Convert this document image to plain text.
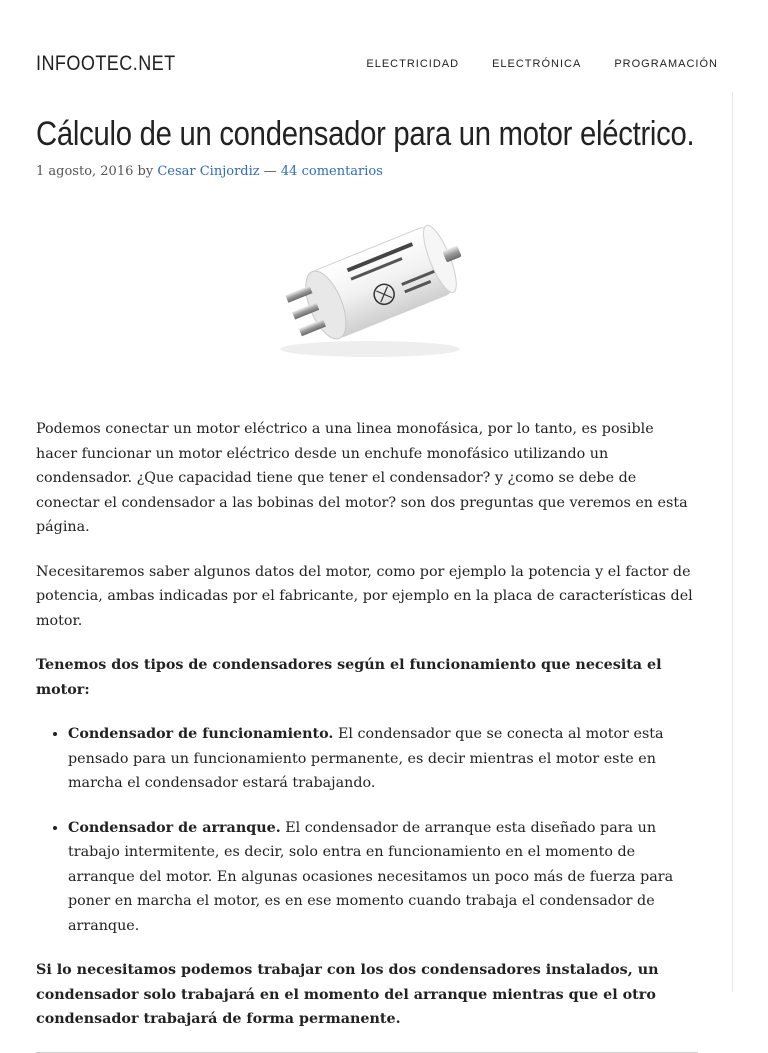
INFOOTEC.NET	ELECTRICIDAD	ELECTRÓNICA	PROGRAMACIÓN
Cálculo de un condensador para un motor eléctrico.
1 agosto, 2016 by Cesar Cinjordiz — 44 comentarios

Podemos conectar un motor eléctrico a una linea monofásica, por lo tanto, es posible hacer funcionar un motor eléctrico desde un enchufe monofásico utilizando un condensador. ¿Que capacidad tiene que tener el condensador? y ¿como se debe de conectar el condensador a las bobinas del motor? son dos preguntas que veremos en esta página.

Necesitaremos saber algunos datos del motor, como por ejemplo la potencia y el factor de potencia, ambas indicadas por el fabricante, por ejemplo en la placa de características del motor.

Tenemos dos tipos de condensadores según el funcionamiento que necesita el motor:

• Condensador de funcionamiento. El condensador que se conecta al motor esta pensado para un funcionamiento permanente, es decir mientras el motor este en marcha el condensador estará trabajando.
• Condensador de arranque. El condensador de arranque esta diseñado para un trabajo intermitente, es decir, solo entra en funcionamiento en el momento de arranque del motor. En algunas ocasiones necesitamos un poco más de fuerza para poner en marcha el motor, es en ese momento cuando trabaja el condensador de arranque.

Si lo necesitamos podemos trabajar con los dos condensadores instalados, un condensador solo trabajará en el momento del arranque mientras que el otro condensador trabajará de forma permanente.
